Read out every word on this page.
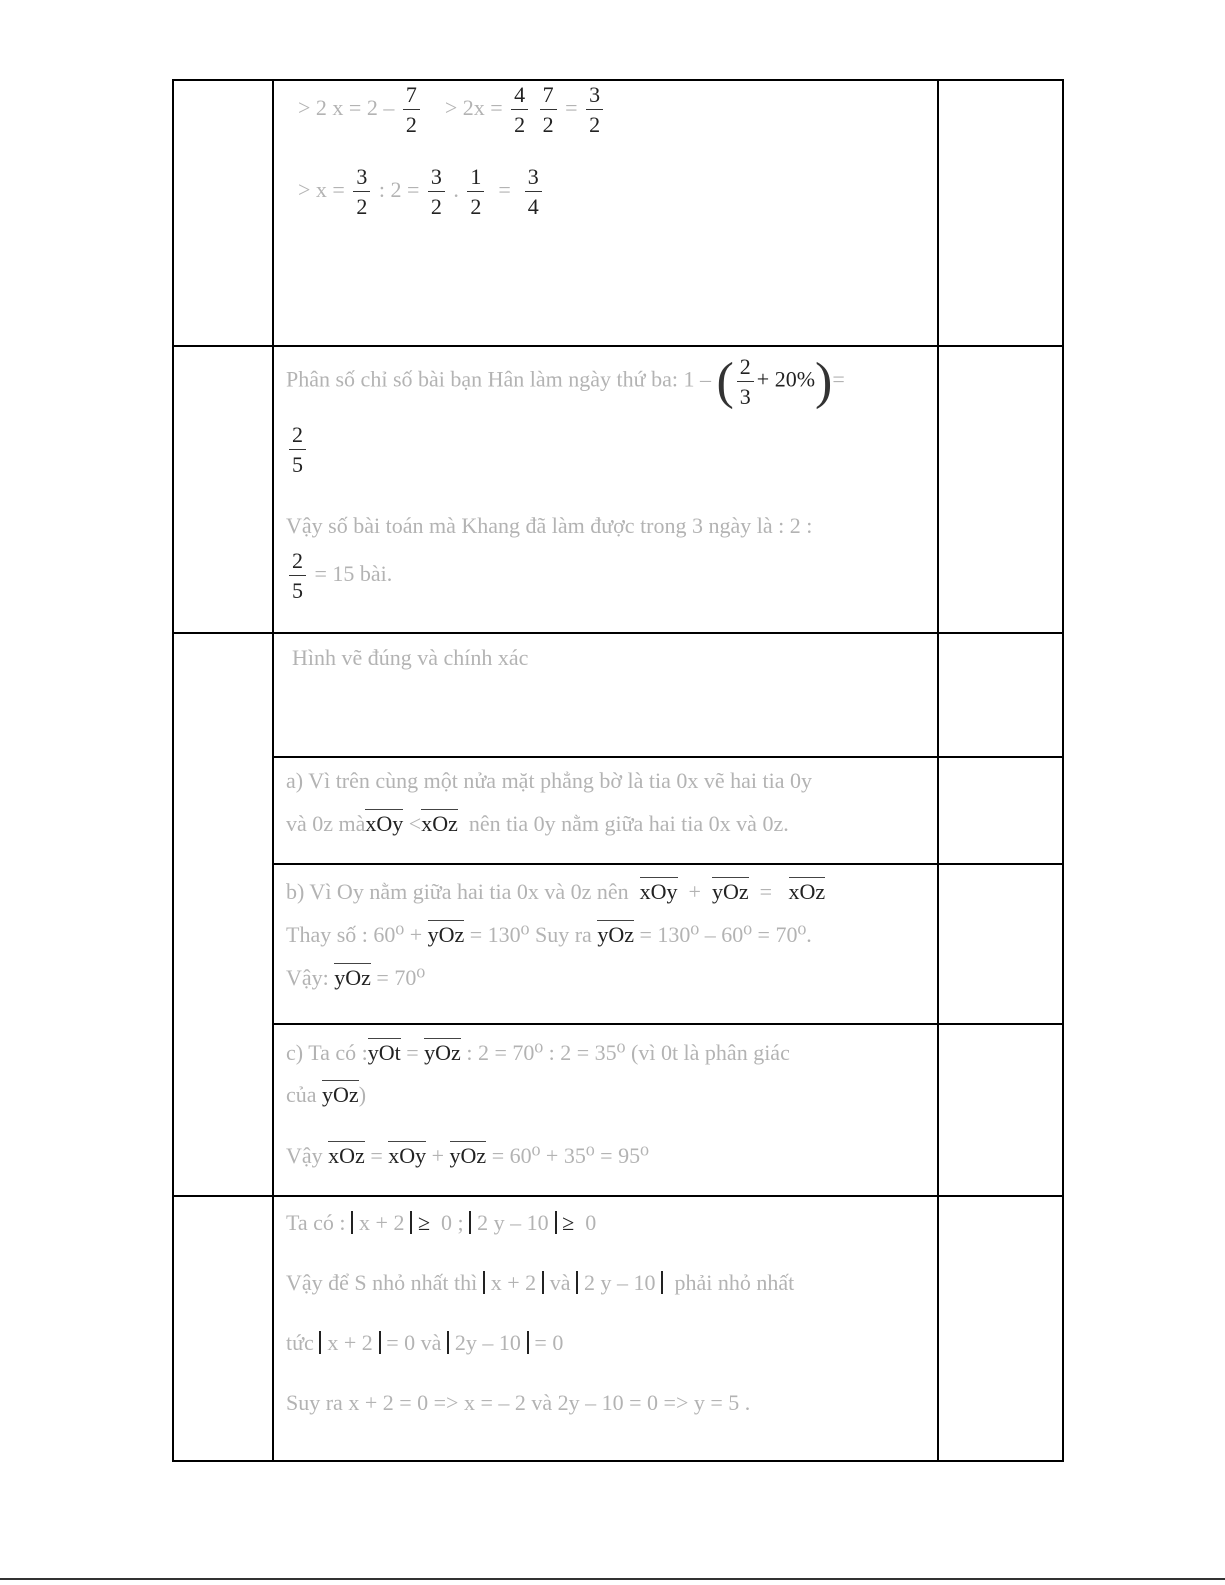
> 2 $x = 2 - \frac{7}{2} > 2x = \frac{4}{2}$
$\frac{7}{2} = \frac{3}{2}$
> $x = \frac{3}{2}$ : $2 = \frac{3}{2}$ . $\frac{1}{2} = \frac{3}{4}$
Phân số chỉ số bài bạn Hân làm ngày thứ ba: 1 – ( $\frac{2}{3} + 20\%)=$
$\frac{2}{5}$
Vậy số bài toán mà Khang đã làm được trong 3 ngày là : 2 :
$\frac{2}{5} = 15$ bài.
Hình vẽ đúng và chính xác
a) Vì trên cùng một nửa mặt phẳng bờ là tia 0x vẽ hai tia 0y
và 0z màxOy <xOz nên tia 0y nằm giữa hai tia 0x và 0z.
b) Vì Oy nằm giữa hai tia 0x và 0z nên xOy + yOz = xOz
Thay số : 60⁰ + yOz = 130⁰ Suy ra yOz = 130⁰ – 60⁰ = 70⁰.
Vậy: yOz = 70⁰
c) Ta có :yOt = yOz : 2 = 70⁰ : 2 = 35⁰ (vì 0t là phân giác
của yOz)
Vậy xOz = xOy + yOz = 60⁰ + 35⁰ = 95⁰
Ta có : x + 2 ≥ 0 ; 2 y – 10 ≥ 0
Vậy để S nhỏ nhất thì x + 2 và 2 y – 10 phải nhỏ nhất
tức x + 2 = 0 và 2y – 10 = 0
Suy ra x + 2 = 0 => x = – 2 và 2y – 10 = 0 => y = 5 .
